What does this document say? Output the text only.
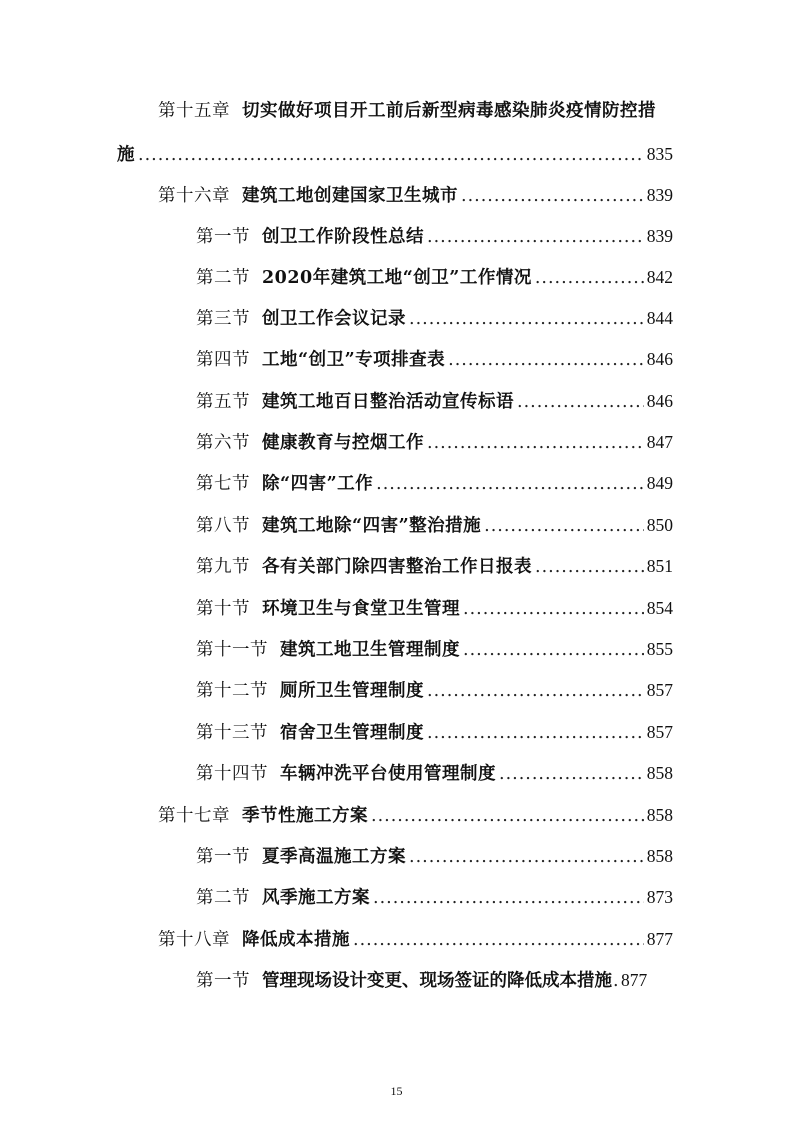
第十五章 切实做好项目开工前后新型病毒感染肺炎疫情防控措
施 .....	835
第十六章 建筑工地创建国家卫生城市 .....	839
第一节 创卫工作阶段性总结 .....	839
第二节 2020年建筑工地“创卫”工作情况 .....	842
第三节 创卫工作会议记录 .....	844
第四节 工地“创卫”专项排查表 .....	846
第五节 建筑工地百日整治活动宣传标语 .....	846
第六节 健康教育与控烟工作 .....	847
第七节 除“四害”工作 .....	849
第八节 建筑工地除“四害”整治措施 .....	850
第九节 各有关部门除四害整治工作日报表 .....	851
第十节 环境卫生与食堂卫生管理 .....	854
第十一节 建筑工地卫生管理制度 .....	855
第十二节 厕所卫生管理制度 .....	857
第十三节 宿舍卫生管理制度 .....	857
第十四节 车辆冲洗平台使用管理制度 .....	858
第十七章 季节性施工方案 .....	858
第一节 夏季高温施工方案 .....	858
第二节 风季施工方案 .....	873
第十八章 降低成本措施 .....	877
第一节 管理现场设计变更、现场签证的降低成本措施 ..... 877
15
